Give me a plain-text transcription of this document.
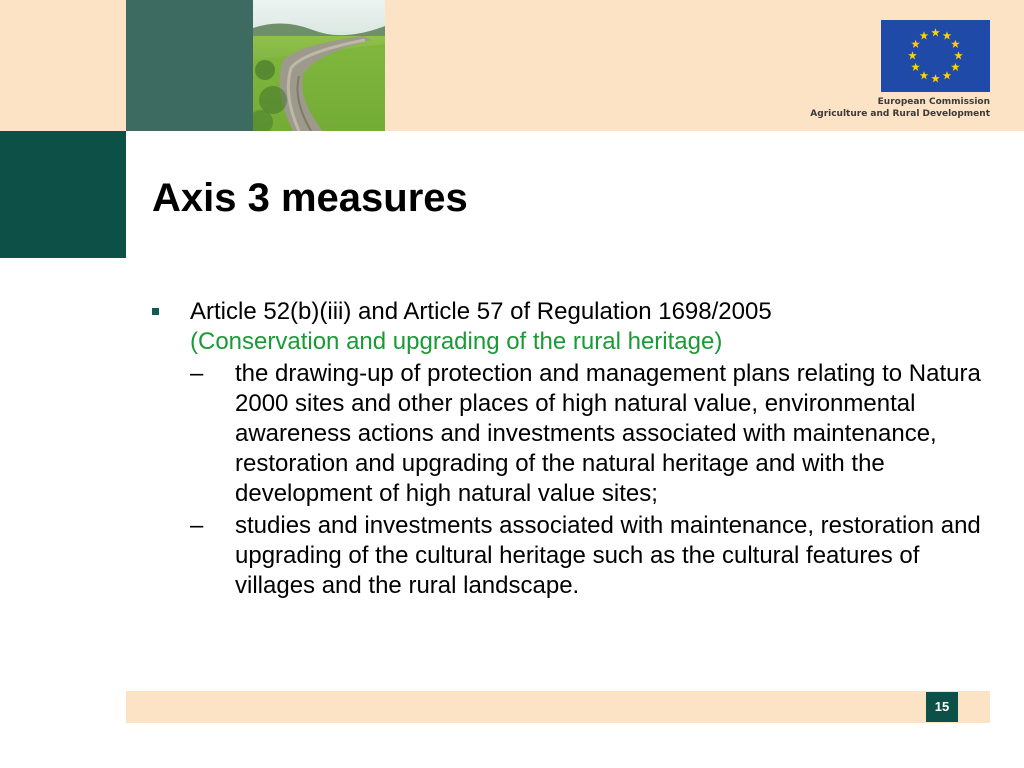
European Commission
Agriculture and Rural Development
Axis 3 measures
Article 52(b)(iii) and Article 57 of Regulation 1698/2005
(Conservation and upgrading of the rural heritage)
– the drawing-up of protection and management plans relating to Natura 2000 sites and other places of high natural value, environmental awareness actions and investments associated with maintenance, restoration and upgrading of the natural heritage and with the development of high natural value sites;
– studies and investments associated with maintenance, restoration and upgrading of the cultural heritage such as the cultural features of villages and the rural landscape.
15
